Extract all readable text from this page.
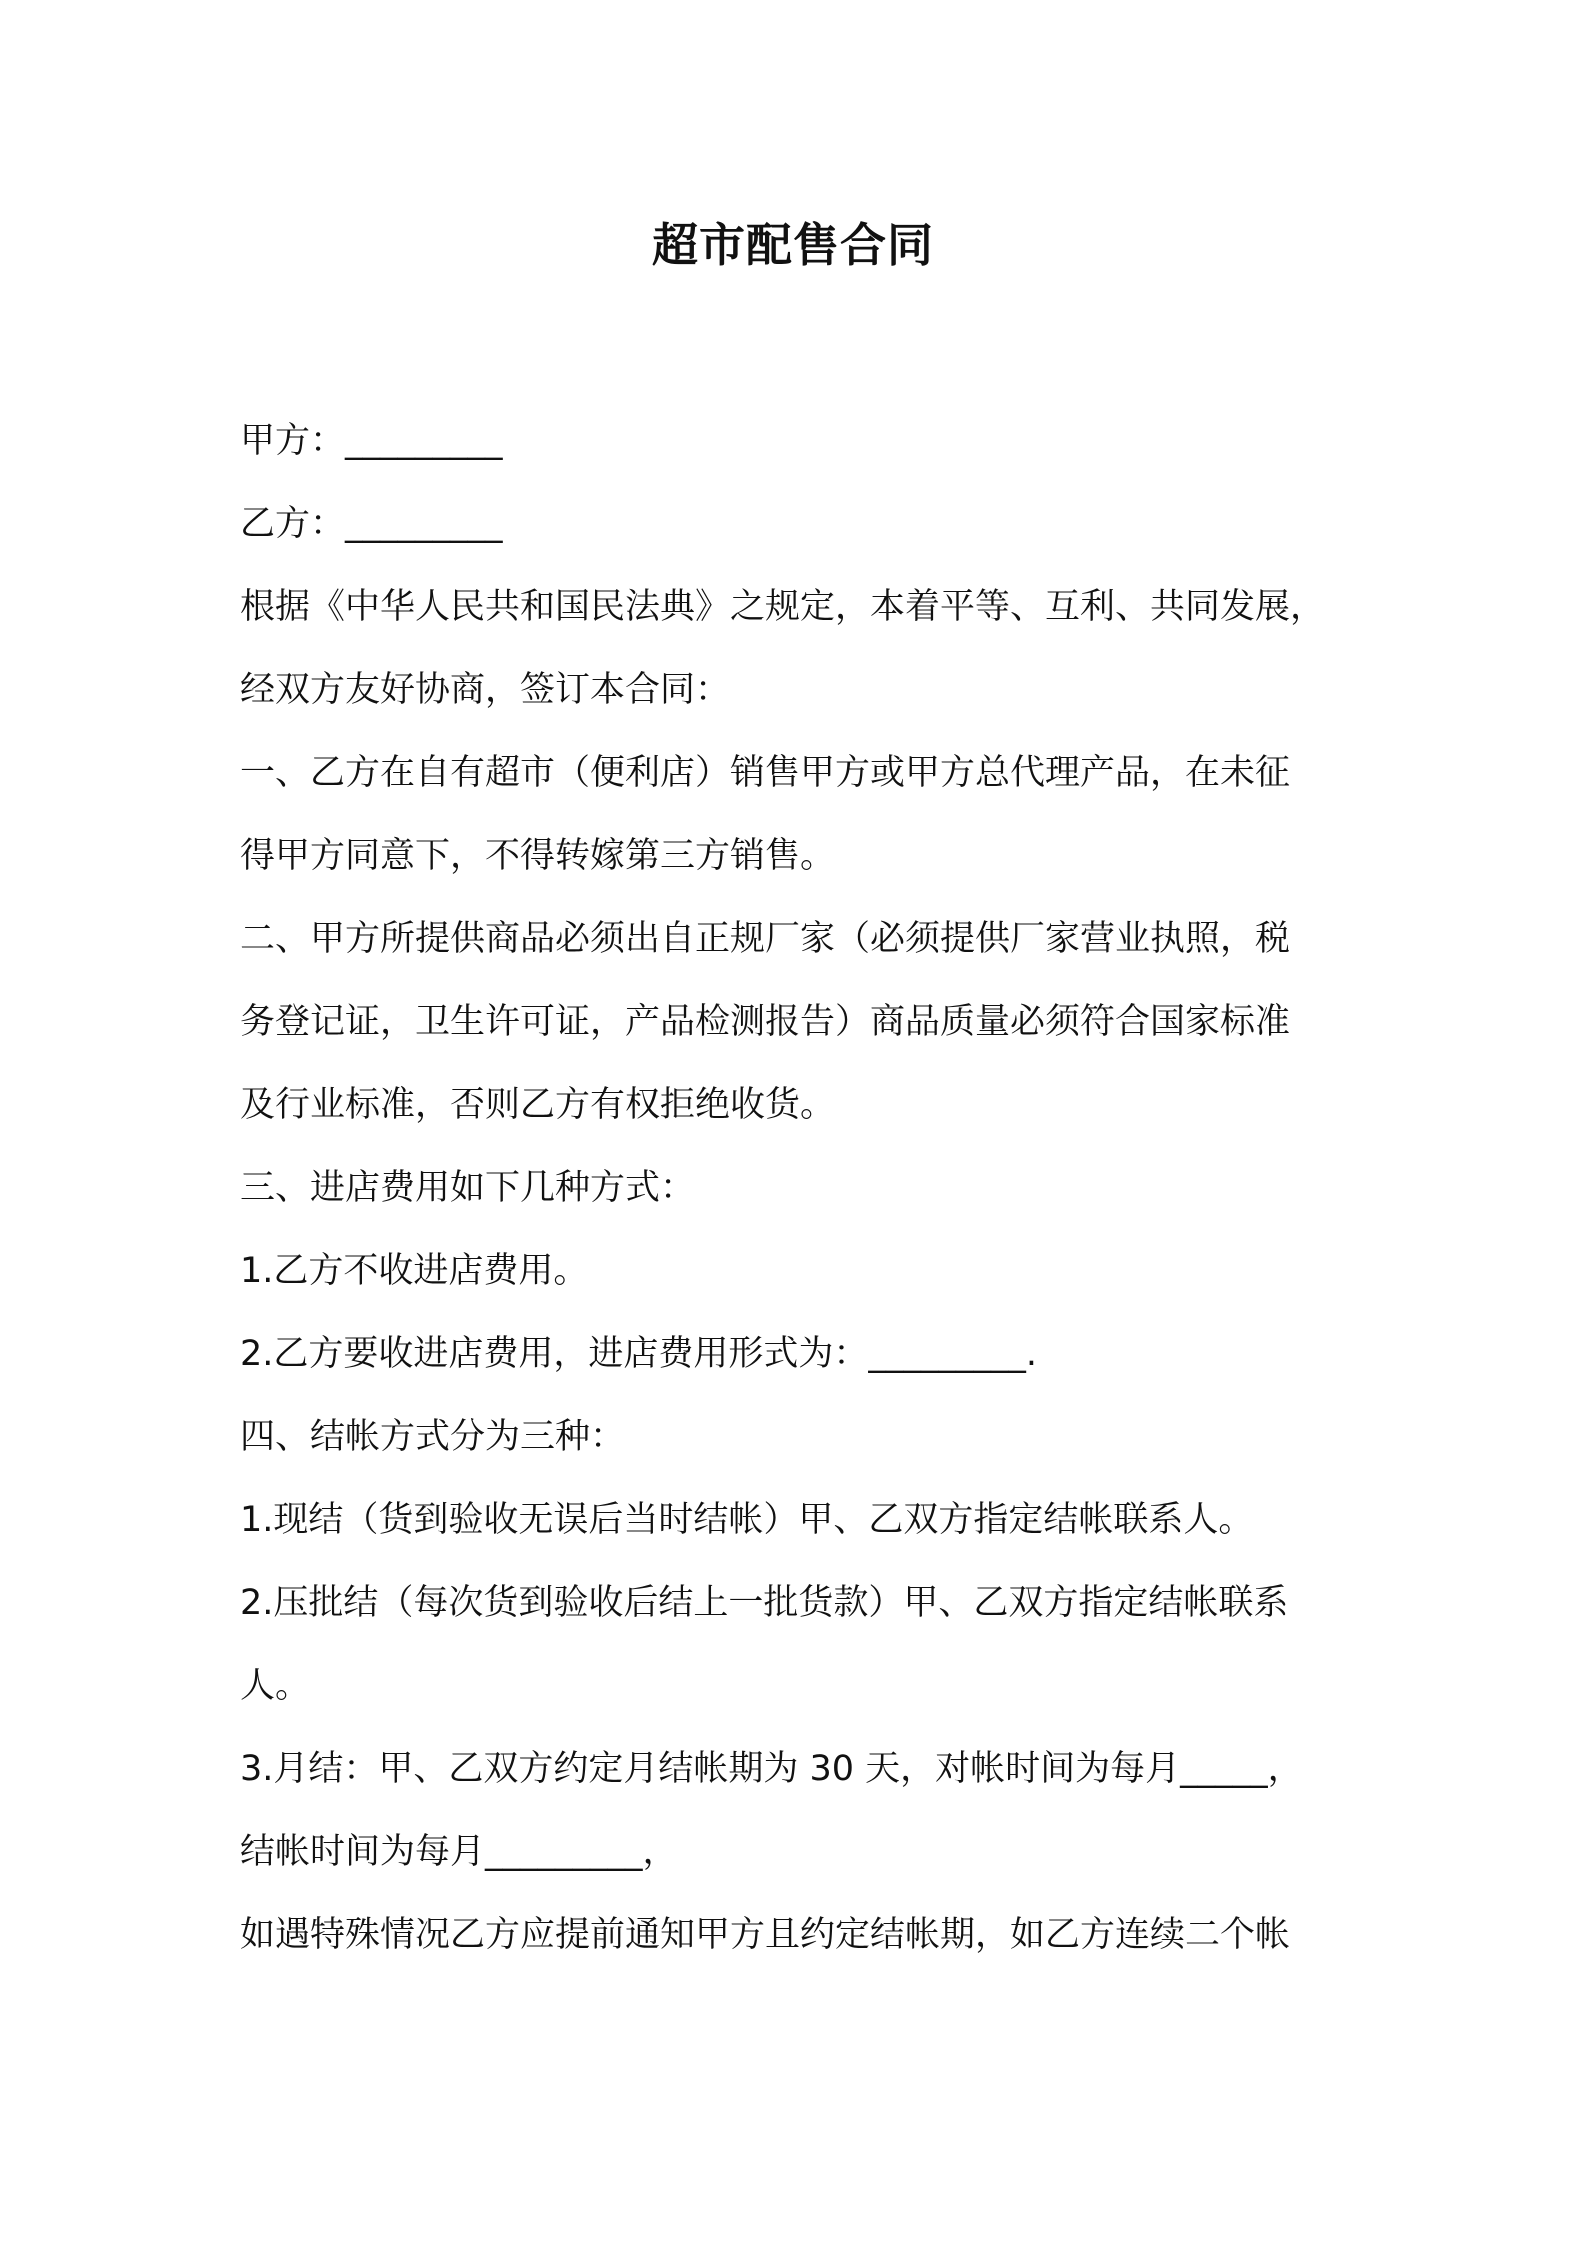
超市配售合同
甲方：_________
乙方：_________
根据《中华人民共和国民法典》之规定，本着平等、互利、共同发展，
经双方友好协商，签订本合同：
一、乙方在自有超市（便利店）销售甲方或甲方总代理产品，在未征
得甲方同意下，不得转嫁第三方销售。
二、甲方所提供商品必须出自正规厂家（必须提供厂家营业执照，税
务登记证，卫生许可证，产品检测报告）商品质量必须符合国家标准
及行业标准，否则乙方有权拒绝收货。
三、进店费用如下几种方式：
1.乙方不收进店费用。
2.乙方要收进店费用，进店费用形式为：_________.
四、结帐方式分为三种：
1.现结（货到验收无误后当时结帐）甲、乙双方指定结帐联系人。
2.压批结（每次货到验收后结上一批货款）甲、乙双方指定结帐联系
人。
3.月结：甲、乙双方约定月结帐期为 30 天，对帐时间为每月_____，
结帐时间为每月_________，
如遇特殊情况乙方应提前通知甲方且约定结帐期，如乙方连续二个帐
